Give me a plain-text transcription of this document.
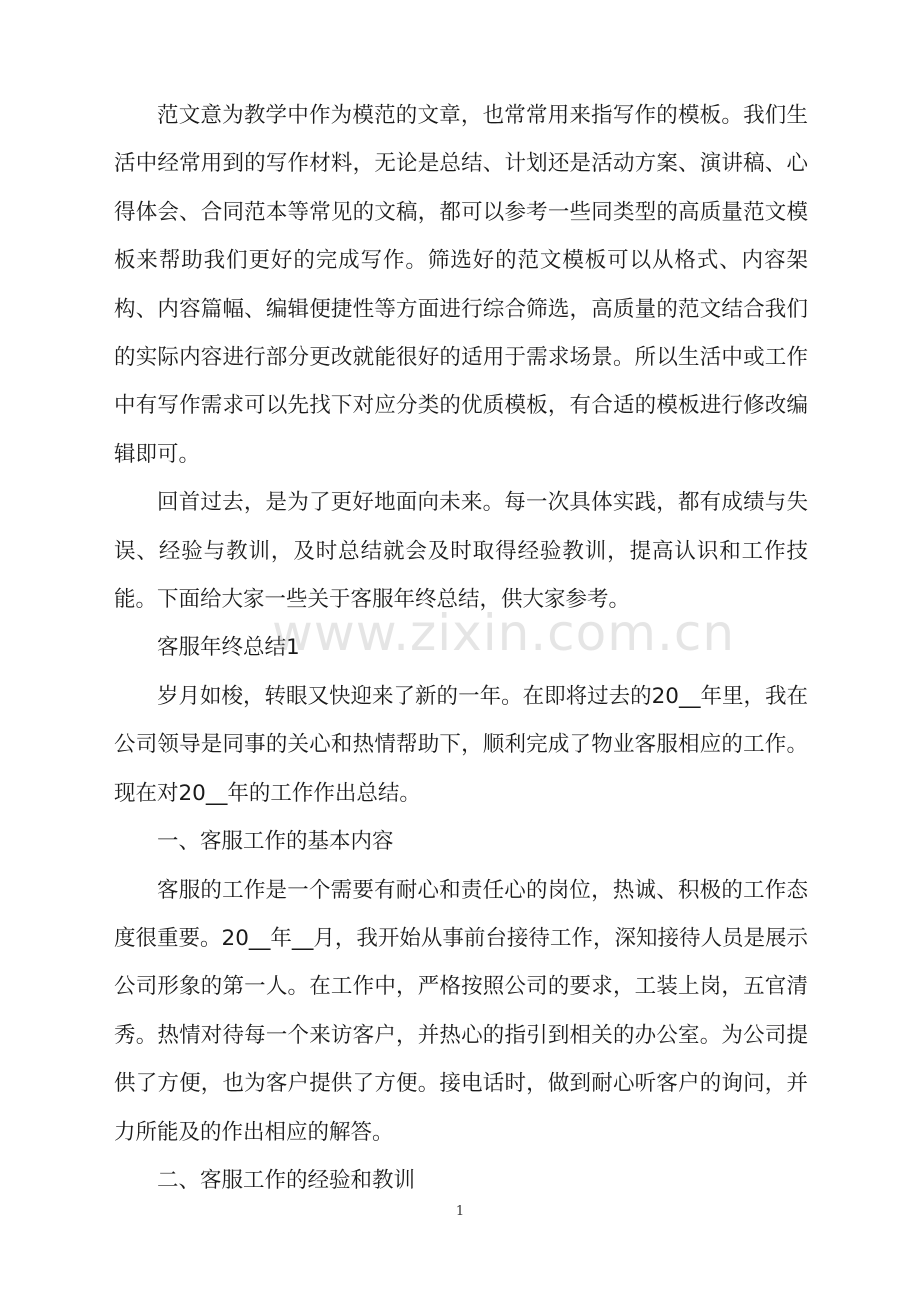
范文意为教学中作为模范的文章，也常常用来指写作的模板。我们生活中经常用到的写作材料，无论是总结、计划还是活动方案、演讲稿、心得体会、合同范本等常见的文稿，都可以参考一些同类型的高质量范文模板来帮助我们更好的完成写作。筛选好的范文模板可以从格式、内容架构、内容篇幅、编辑便捷性等方面进行综合筛选，高质量的范文结合我们的实际内容进行部分更改就能很好的适用于需求场景。所以生活中或工作中有写作需求可以先找下对应分类的优质模板，有合适的模板进行修改编辑即可。

回首过去，是为了更好地面向未来。每一次具体实践，都有成绩与失误、经验与教训，及时总结就会及时取得经验教训，提高认识和工作技能。下面给大家一些关于客服年终总结，供大家参考。

客服年终总结1

岁月如梭，转眼又快迎来了新的一年。在即将过去的20__年里，我在公司领导是同事的关心和热情帮助下，顺利完成了物业客服相应的工作。现在对20__年的工作作出总结。

一、客服工作的基本内容

客服的工作是一个需要有耐心和责任心的岗位，热诚、积极的工作态度很重要。20__年__月，我开始从事前台接待工作，深知接待人员是展示公司形象的第一人。在工作中，严格按照公司的要求，工装上岗，五官清秀。热情对待每一个来访客户，并热心的指引到相关的办公室。为公司提供了方便，也为客户提供了方便。接电话时，做到耐心听客户的询问，并力所能及的作出相应的解答。

二、客服工作的经验和教训

www.zixin.com.cn
1
